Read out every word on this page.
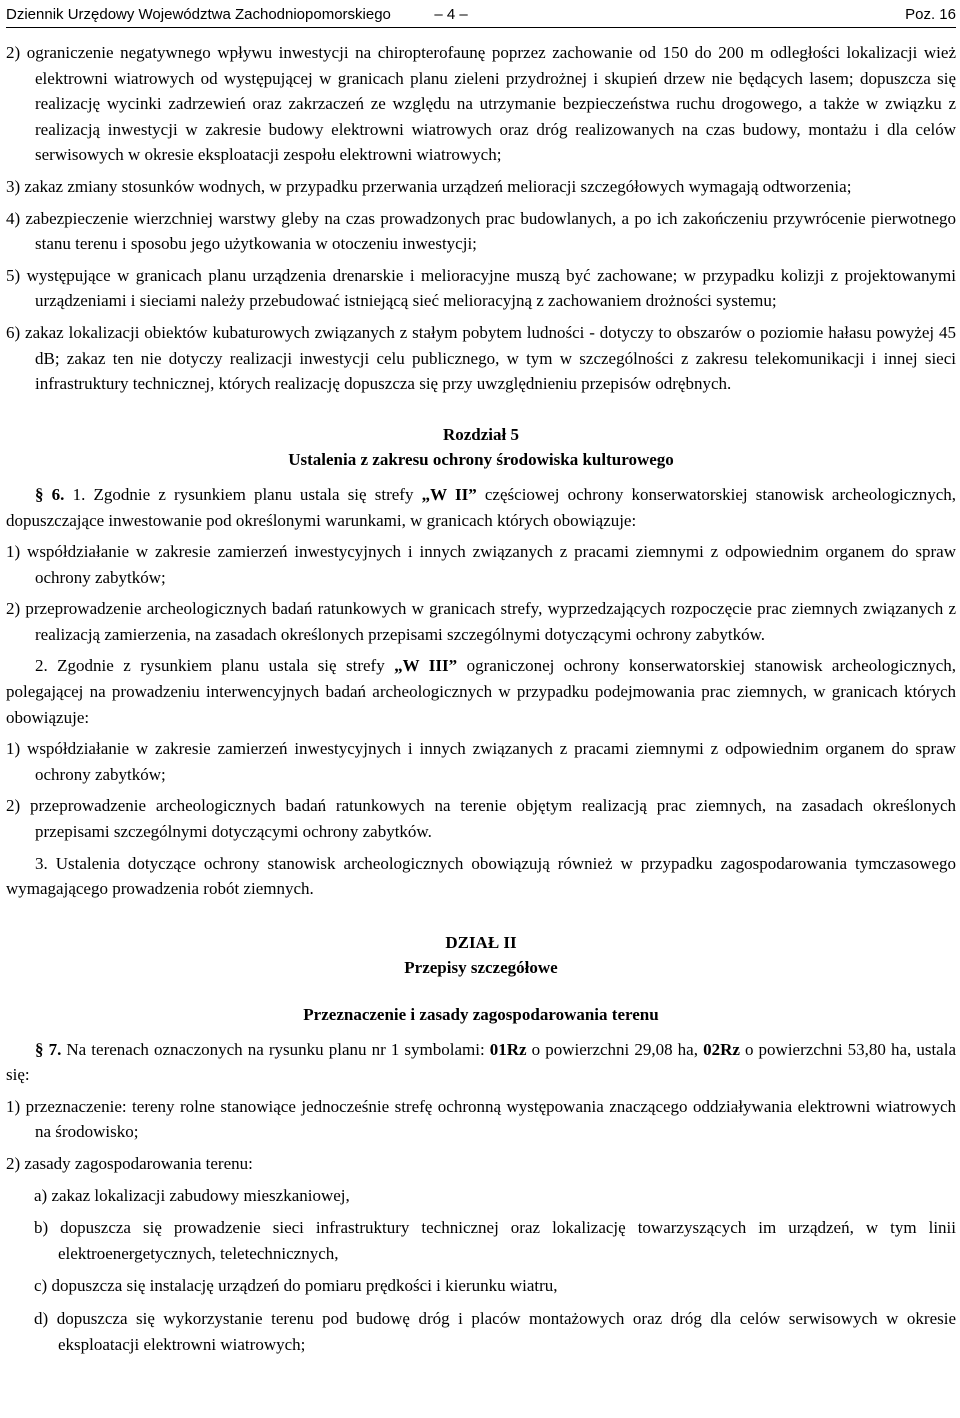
Dziennik Urzędowy Województwa Zachodniopomorskiego	– 4 –	Poz. 16

2) ograniczenie negatywnego wpływu inwestycji na chiropterofaunę poprzez zachowanie od 150 do 200 m odległości lokalizacji wież elektrowni wiatrowych od występującej w granicach planu zieleni przydrożnej i skupień drzew nie będących lasem; dopuszcza się realizację wycinki zadrzewień oraz zakrzaczeń ze względu na utrzymanie bezpieczeństwa ruchu drogowego, a także w związku z realizacją inwestycji w zakresie budowy elektrowni wiatrowych oraz dróg realizowanych na czas budowy, montażu i dla celów serwisowych w okresie eksploatacji zespołu elektrowni wiatrowych;

3) zakaz zmiany stosunków wodnych, w przypadku przerwania urządzeń melioracji szczegółowych wymagają odtworzenia;

4) zabezpieczenie wierzchniej warstwy gleby na czas prowadzonych prac budowlanych, a po ich zakończeniu przywrócenie pierwotnego stanu terenu i sposobu jego użytkowania w otoczeniu inwestycji;

5) występujące w granicach planu urządzenia drenarskie i melioracyjne muszą być zachowane; w przypadku kolizji z projektowanymi urządzeniami i sieciami należy przebudować istniejącą sieć melioracyjną z zachowaniem drożności systemu;

6) zakaz lokalizacji obiektów kubaturowych związanych z stałym pobytem ludności - dotyczy to obszarów o poziomie hałasu powyżej 45 dB; zakaz ten nie dotyczy realizacji inwestycji celu publicznego, w tym w szczególności z zakresu telekomunikacji i innej sieci infrastruktury technicznej, których realizację dopuszcza się przy uwzględnieniu przepisów odrębnych.

Rozdział 5

Ustalenia z zakresu ochrony środowiska kulturowego

§ 6. 1. Zgodnie z rysunkiem planu ustala się strefy „W II” częściowej ochrony konserwatorskiej stanowisk archeologicznych, dopuszczające inwestowanie pod określonymi warunkami, w granicach których obowiązuje:

1) współdziałanie w zakresie zamierzeń inwestycyjnych i innych związanych z pracami ziemnymi z odpowiednim organem do spraw ochrony zabytków;

2) przeprowadzenie archeologicznych badań ratunkowych w granicach strefy, wyprzedzających rozpoczęcie prac ziemnych związanych z realizacją zamierzenia, na zasadach określonych przepisami szczególnymi dotyczącymi ochrony zabytków.

2. Zgodnie z rysunkiem planu ustala się strefy „W III” ograniczonej ochrony konserwatorskiej stanowisk archeologicznych, polegającej na prowadzeniu interwencyjnych badań archeologicznych w przypadku podejmowania prac ziemnych, w granicach których obowiązuje:

1) współdziałanie w zakresie zamierzeń inwestycyjnych i innych związanych z pracami ziemnymi z odpowiednim organem do spraw ochrony zabytków;

2) przeprowadzenie archeologicznych badań ratunkowych na terenie objętym realizacją prac ziemnych, na zasadach określonych przepisami szczególnymi dotyczącymi ochrony zabytków.

3. Ustalenia dotyczące ochrony stanowisk archeologicznych obowiązują również w przypadku zagospodarowania tymczasowego wymagającego prowadzenia robót ziemnych.

DZIAŁ II

Przepisy szczegółowe

Przeznaczenie i zasady zagospodarowania terenu

§ 7. Na terenach oznaczonych na rysunku planu nr 1 symbolami: 01Rz o powierzchni 29,08 ha, 02Rz o powierzchni 53,80 ha, ustala się:

1) przeznaczenie: tereny rolne stanowiące jednocześnie strefę ochronną występowania znaczącego oddziaływania elektrowni wiatrowych na środowisko;

2) zasady zagospodarowania terenu:

a) zakaz lokalizacji zabudowy mieszkaniowej,

b) dopuszcza się prowadzenie sieci infrastruktury technicznej oraz lokalizację towarzyszących im urządzeń, w tym linii elektroenergetycznych, teletechnicznych,

c) dopuszcza się instalację urządzeń do pomiaru prędkości i kierunku wiatru,

d) dopuszcza się wykorzystanie terenu pod budowę dróg i placów montażowych oraz dróg dla celów serwisowych w okresie eksploatacji elektrowni wiatrowych;
